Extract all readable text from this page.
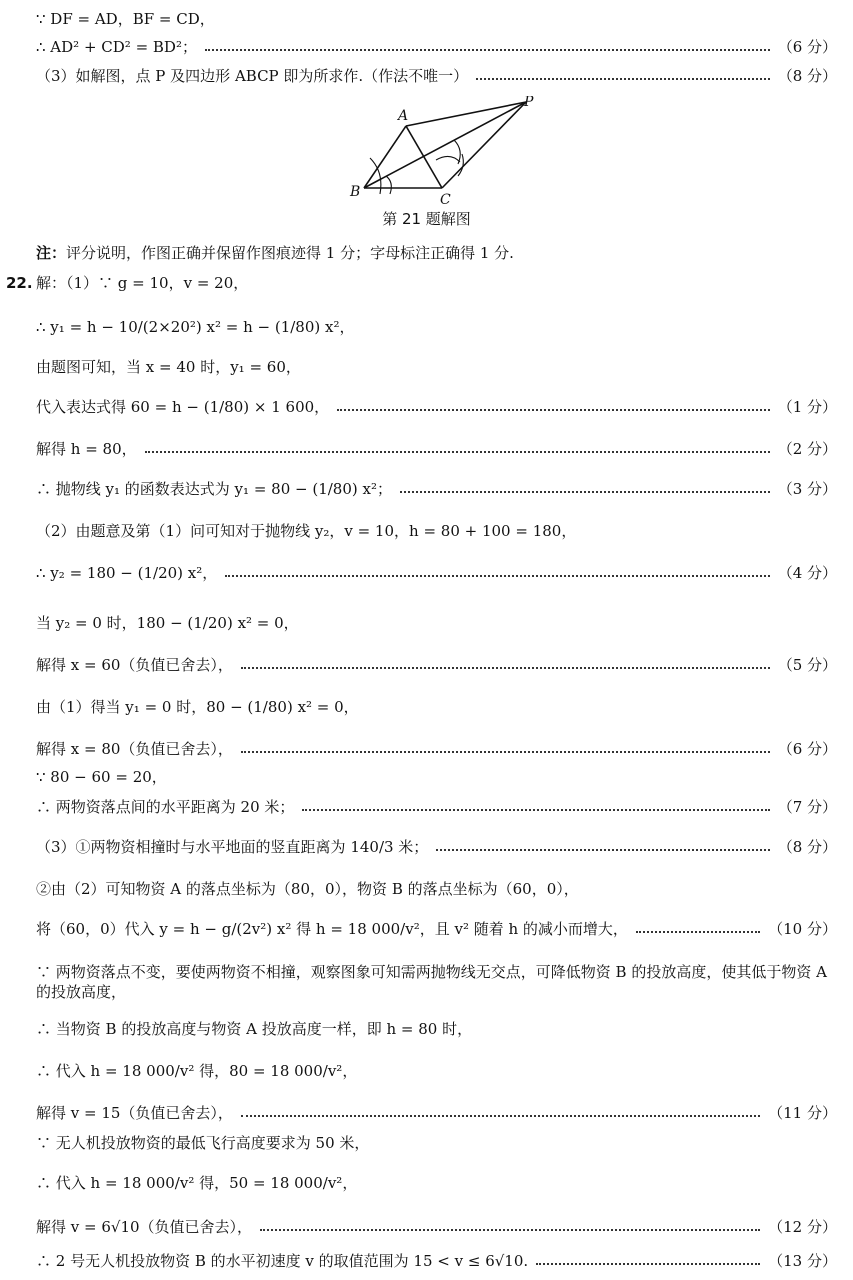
∵ DF = AD，BF = CD，
∴ AD² + CD² = BD²；	（6 分）
（3）如解图，点 P 及四边形 ABCP 即为所求作.（作法不唯一）	（8 分）
A
B	C
P
第 21 题解图
注：评分说明，作图正确并保留作图痕迹得 1 分；字母标注正确得 1 分.
22. 解：（1）∵ g = 10，v = 20，
∴ y₁ = h − 10/(2×20²) x² = h − (1/80) x²，
由题图可知，当 x = 40 时，y₁ = 60，
代入表达式得 60 = h − (1/80) × 1 600，	（1 分）
解得 h = 80，	（2 分）
∴ 抛物线 y₁ 的函数表达式为 y₁ = 80 − (1/80) x²；	（3 分）
（2）由题意及第（1）问可知对于抛物线 y₂，v = 10，h = 80 + 100 = 180，
∴ y₂ = 180 − (1/20) x²，	（4 分）
当 y₂ = 0 时，180 − (1/20) x² = 0，
解得 x = 60（负值已舍去），	（5 分）
由（1）得当 y₁ = 0 时，80 − (1/80) x² = 0，
解得 x = 80（负值已舍去），	（6 分）
∵ 80 − 60 = 20，
∴ 两物资落点间的水平距离为 20 米；	（7 分）
（3）①两物资相撞时与水平地面的竖直距离为 140/3 米；	（8 分）
②由（2）可知物资 A 的落点坐标为（80，0），物资 B 的落点坐标为（60，0），
将（60，0）代入 y = h − g/(2v²) x² 得 h = 18 000/v²，且 v² 随着 h 的减小而增大，	（10 分）
∵ 两物资落点不变，要使两物资不相撞，观察图象可知需两抛物线无交点，可降低物资 B 的投放高度，使其低于物资 A 的投放高度，
∴ 当物资 B 的投放高度与物资 A 投放高度一样，即 h = 80 时，
∴ 代入 h = 18 000/v² 得，80 = 18 000/v²，
解得 v = 15（负值已舍去），	（11 分）
∵ 无人机投放物资的最低飞行高度要求为 50 米，
∴ 代入 h = 18 000/v² 得，50 = 18 000/v²，
解得 v = 6√10（负值已舍去），	（12 分）
∴ 2 号无人机投放物资 B 的水平初速度 v 的取值范围为 15 < v ≤ 6√10.	（13 分）
